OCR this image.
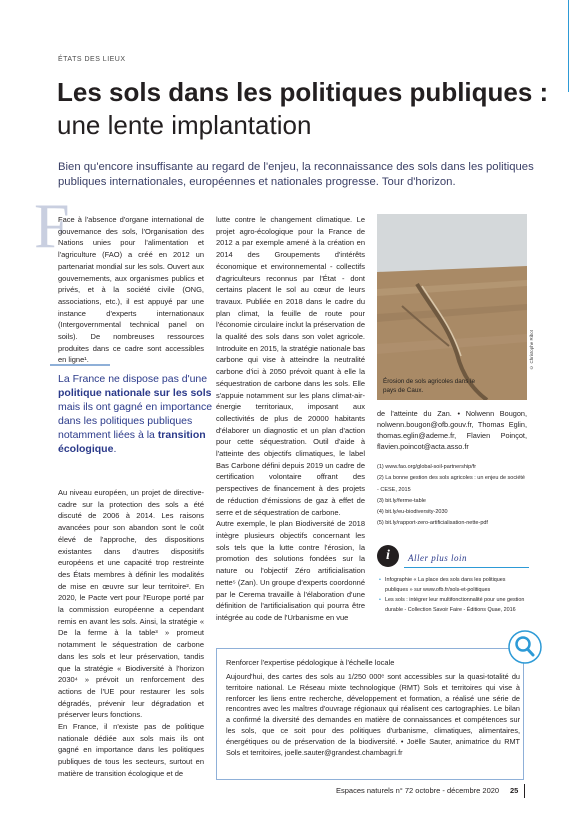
ÉTATS DES LIEUX
Les sols dans les politiques publiques : une lente implantation

Bien qu'encore insuffisante au regard de l'enjeu, la reconnaissance des sols dans les politiques publiques internationales, européennes et nationales progresse. Tour d'horizon.

F

Face à l'absence d'organe international de gouvernance des sols, l'Organisation des Nations unies pour l'alimentation et l'agriculture (FAO) a créé en 2012 un partenariat mondial sur les sols. Ouvert aux gouvernements, aux organismes publics et privés, et à la société civile (ONG, associations, etc.), il est appuyé par une instance d'experts internationaux (Intergovernmental technical panel on soils). De nombreuses ressources produites dans ce cadre sont accessibles en ligne¹.

La France ne dispose pas d'une politique nationale sur les sols mais ils ont gagné en importance dans les politiques publiques notamment liées à la transition écologique.

Au niveau européen, un projet de directive-cadre sur la protection des sols a été discuté de 2006 à 2014. Les raisons avancées pour son abandon sont le coût élevé de l'approche, des dispositions existantes dans d'autres dispositifs européens et une capacité trop restreinte des États membres à définir les modalités de mise en œuvre sur leur territoire². En 2020, le Pacte vert pour l'Europe porté par la commission européenne a cependant remis en avant les sols. Ainsi, la stratégie « De la ferme à la table³ » promeut notamment le séquestration de carbone dans les sols et leur préservation, tandis que la stratégie « Biodiversité à l'horizon 2030⁴ » prévoit un renforcement des actions de l'UE pour restaurer les sols dégradés, prévenir leur dégradation et préserver leurs fonctions.

En France, il n'existe pas de politique nationale dédiée aux sols mais ils ont gagné en importance dans les politiques publiques de tous les secteurs, surtout en matière de transition écologique et de

lutte contre le changement climatique. Le projet agro-écologique pour la France de 2012 a par exemple amené à la création en 2014 des Groupements d'intérêts économique et environnemental - collectifs d'agriculteurs reconnus par l'État - dont certains placent le sol au cœur de leurs travaux. Publiée en 2018 dans le cadre du plan climat, la feuille de route pour l'économie circulaire inclut la préservation de la qualité des sols dans son volet agricole. Introduite en 2015, la stratégie nationale bas carbone qui vise à atteindre la neutralité carbone d'ici à 2050 prévoit quant à elle la séquestration de carbone dans les sols. Elle s'appuie notamment sur les plans climat-air-énergie territoriaux, imposant aux collectivités de plus de 20000 habitants d'élaborer un diagnostic et un plan d'action pour cette séquestration. Outil d'aide à l'atteinte des objectifs climatiques, le label Bas Carbone défini depuis 2019 un cadre de certification volontaire offrant des perspectives de financement à des projets de réduction d'émissions de gaz à effet de serre et de séquestration de carbone.

Autre exemple, le plan Biodiversité de 2018 intègre plusieurs objectifs concernant les sols tels que la lutte contre l'érosion, la promotion des solutions fondées sur la nature ou l'objectif Zéro artificialisation nette⁵ (Zan). Un groupe d'experts coordonné par le Cerema travaille à l'élaboration d'une définition de l'artificialisation qui pourra être intégrée au code de l'Urbanisme en vue

Érosion de sols agricoles dans le pays de Caux.
© Christophe Ribot

de l'atteinte du Zan. • Nolwenn Bougon, nolwenn.bougon@ofb.gouv.fr, Thomas Eglin, thomas.eglin@ademe.fr, Flavien Poinçot, flavien.poincot@acta.asso.fr

(1) www.fao.org/global-soil-partnership/fr
(2) La bonne gestion des sols agricoles : un enjeu de société - CESE, 2015
(3) bit.ly/ferme-table
(4) bit.ly/eu-biodiversity-2030
(5) bit.ly/rapport-zero-artificialisation-nette-pdf
i	Aller plus loin
• Infographie « La place des sols dans les politiques publiques » sur www.ofb.fr/sols-et-politiques
• Les sols : intégrer leur multifonctionnalité pour une gestion durable - Collection Savoir Faire - Éditions Quae, 2016
Renforcer l'expertise pédologique à l'échelle locale

Aujourd'hui, des cartes des sols au 1/250 000ᵉ sont accessibles sur la quasi-totalité du territoire national. Le Réseau mixte technologique (RMT) Sols et territoires qui vise à renforcer les liens entre recherche, développement et formation, a réalisé une série de rencontres avec les maîtres d'ouvrage régionaux qui réalisent ces cartographies. Le bilan a confirmé la diversité des demandes en matière de connaissances et compétences sur les sols, que ce soit pour des politiques d'urbanisme, climatiques, alimentaires, énergétiques ou de préservation de la biodiversité. • Joëlle Sauter, animatrice du RMT Sols et territoires, joelle.sauter@grandest.chambagri.fr

Espaces naturels n° 72 octobre - décembre 2020 25
